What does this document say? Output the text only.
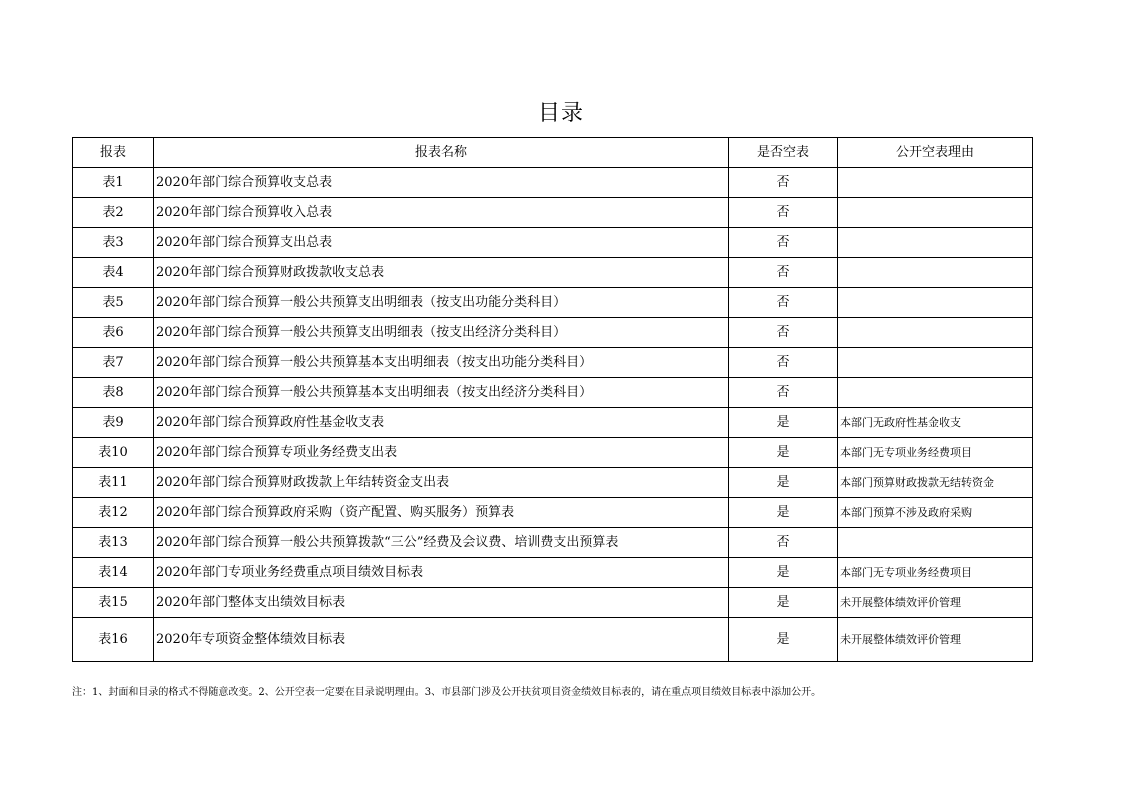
目录
报表	报表名称	是否空表	公开空表理由
表1	2020年部门综合预算收支总表	否	
表2	2020年部门综合预算收入总表	否	
表3	2020年部门综合预算支出总表	否	
表4	2020年部门综合预算财政拨款收支总表	否	
表5	2020年部门综合预算一般公共预算支出明细表（按支出功能分类科目）	否	
表6	2020年部门综合预算一般公共预算支出明细表（按支出经济分类科目）	否	
表7	2020年部门综合预算一般公共预算基本支出明细表（按支出功能分类科目）	否	
表8	2020年部门综合预算一般公共预算基本支出明细表（按支出经济分类科目）	否	
表9	2020年部门综合预算政府性基金收支表	是	本部门无政府性基金收支
表10	2020年部门综合预算专项业务经费支出表	是	本部门无专项业务经费项目
表11	2020年部门综合预算财政拨款上年结转资金支出表	是	本部门预算财政拨款无结转资金
表12	2020年部门综合预算政府采购（资产配置、购买服务）预算表	是	本部门预算不涉及政府采购
表13	2020年部门综合预算一般公共预算拨款“三公”经费及会议费、培训费支出预算表	否	
表14	2020年部门专项业务经费重点项目绩效目标表	是	本部门无专项业务经费项目
表15	2020年部门整体支出绩效目标表	是	未开展整体绩效评价管理
表16	2020年专项资金整体绩效目标表	是	未开展整体绩效评价管理
注：1、封面和目录的格式不得随意改变。2、公开空表一定要在目录说明理由。3、市县部门涉及公开扶贫项目资金绩效目标表的，请在重点项目绩效目标表中添加公开。
